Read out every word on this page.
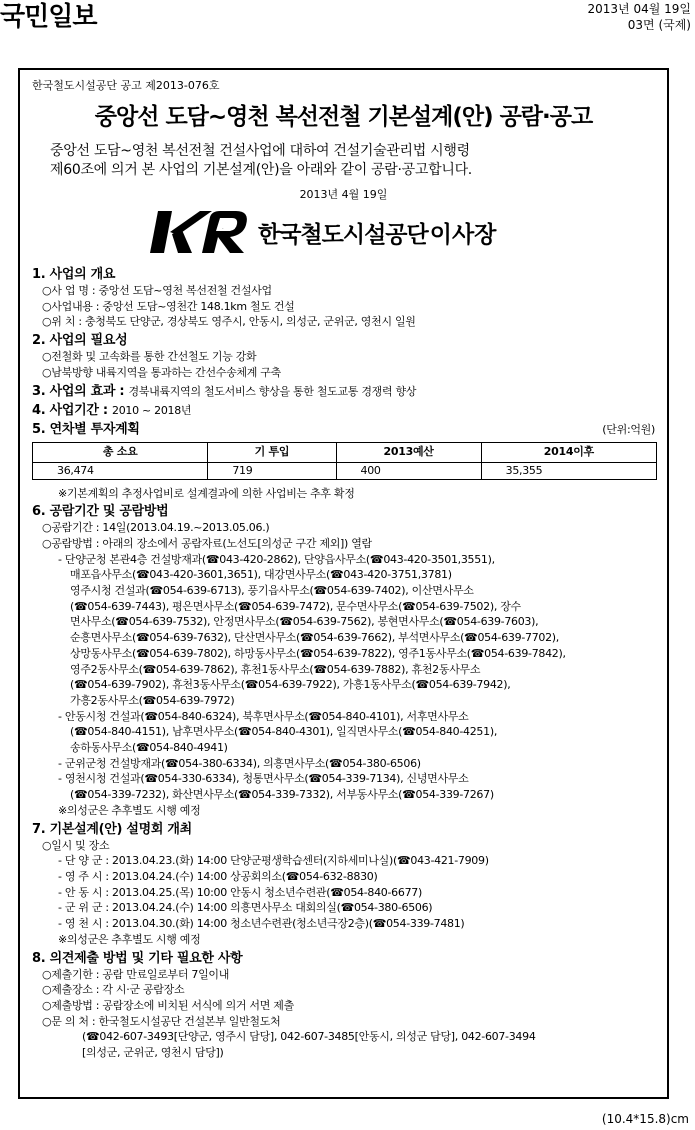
국민일보	2013년 04월 19일
03면 (국제)
한국철도시설공단 공고 제2013-076호
중앙선 도담~영천 복선전철 기본설계(안) 공람·공고
중앙선 도담~영천 복선전철 건설사업에 대하여 건설기술관리법 시행령
제60조에 의거 본 사업의 기본설계(안)을 아래와 같이 공람·공고합니다.
2013년 4월 19일
KR 한국철도시설공단 이사장
1. 사업의 개요
○사 업 명 : 중앙선 도담~영천 복선전철 건설사업
○사업내용 : 중앙선 도담~영천간 148.1km 철도 건설
○위 치 : 충청북도 단양군, 경상북도 영주시, 안동시, 의성군, 군위군, 영천시 일원
2. 사업의 필요성
○전철화 및 고속화를 통한 간선철도 기능 강화
○남북방향 내륙지역을 통과하는 간선수송체계 구축
3. 사업의 효과 : 경북내륙지역의 철도서비스 향상을 통한 철도교통 경쟁력 향상
4. 사업기간 : 2010 ~ 2018년
5. 연차별 투자계획	(단위:억원)
총 소요	기 투입	2013예산	2014이후
36,474	719	400	35,355
※기본계획의 추정사업비로 설계결과에 의한 사업비는 추후 확정
6. 공람기간 및 공람방법
○공람기간 : 14일(2013.04.19.~2013.05.06.)
○공람방법 : 아래의 장소에서 공람자료(노선도[의성군 구간 제외]) 열람
- 단양군청 본관4층 건설방재과(☎043-420-2862), 단양읍사무소(☎043-420-3501,3551),
매포읍사무소(☎043-420-3601,3651), 대강면사무소(☎043-420-3751,3781)
영주시청 건설과(☎054-639-6713), 풍기읍사무소(☎054-639-7402), 이산면사무소
(☎054-639-7443), 평은면사무소(☎054-639-7472), 문수면사무소(☎054-639-7502), 장수
면사무소(☎054-639-7532), 안정면사무소(☎054-639-7562), 봉현면사무소(☎054-639-7603),
순흥면사무소(☎054-639-7632), 단산면사무소(☎054-639-7662), 부석면사무소(☎054-639-7702),
상망동사무소(☎054-639-7802), 하망동사무소(☎054-639-7822), 영주1동사무소(☎054-639-7842),
영주2동사무소(☎054-639-7862), 휴천1동사무소(☎054-639-7882), 휴천2동사무소
(☎054-639-7902), 휴천3동사무소(☎054-639-7922), 가흥1동사무소(☎054-639-7942),
가흥2동사무소(☎054-639-7972)
- 안동시청 건설과(☎054-840-6324), 북후면사무소(☎054-840-4101), 서후면사무소
(☎054-840-4151), 남후면사무소(☎054-840-4301), 일직면사무소(☎054-840-4251),
송하동사무소(☎054-840-4941)
- 군위군청 건설방재과(☎054-380-6334), 의흥면사무소(☎054-380-6506)
- 영천시청 건설과(☎054-330-6334), 청통면사무소(☎054-339-7134), 신녕면사무소
(☎054-339-7232), 화산면사무소(☎054-339-7332), 서부동사무소(☎054-339-7267)
※의성군은 추후별도 시행 예정
7. 기본설계(안) 설명회 개최
○일시 및 장소
- 단 양 군 : 2013.04.23.(화) 14:00 단양군평생학습센터(지하세미나실)(☎043-421-7909)
- 영 주 시 : 2013.04.24.(수) 14:00 상공회의소(☎054-632-8830)
- 안 동 시 : 2013.04.25.(목) 10:00 안동시 청소년수련관(☎054-840-6677)
- 군 위 군 : 2013.04.24.(수) 14:00 의흥면사무소 대회의실(☎054-380-6506)
- 영 천 시 : 2013.04.30.(화) 14:00 청소년수련관(청소년극장2층)(☎054-339-7481)
※의성군은 추후별도 시행 예정
8. 의견제출 방법 및 기타 필요한 사항
○제출기한 : 공람 만료일로부터 7일이내
○제출장소 : 각 시·군 공람장소
○제출방법 : 공람장소에 비치된 서식에 의거 서면 제출
○문 의 처 : 한국철도시설공단 건설본부 일반철도처
(☎042-607-3493[단양군, 영주시 담당], 042-607-3485[안동시, 의성군 담당], 042-607-3494
[의성군, 군위군, 영천시 담당])
(10.4*15.8)cm
